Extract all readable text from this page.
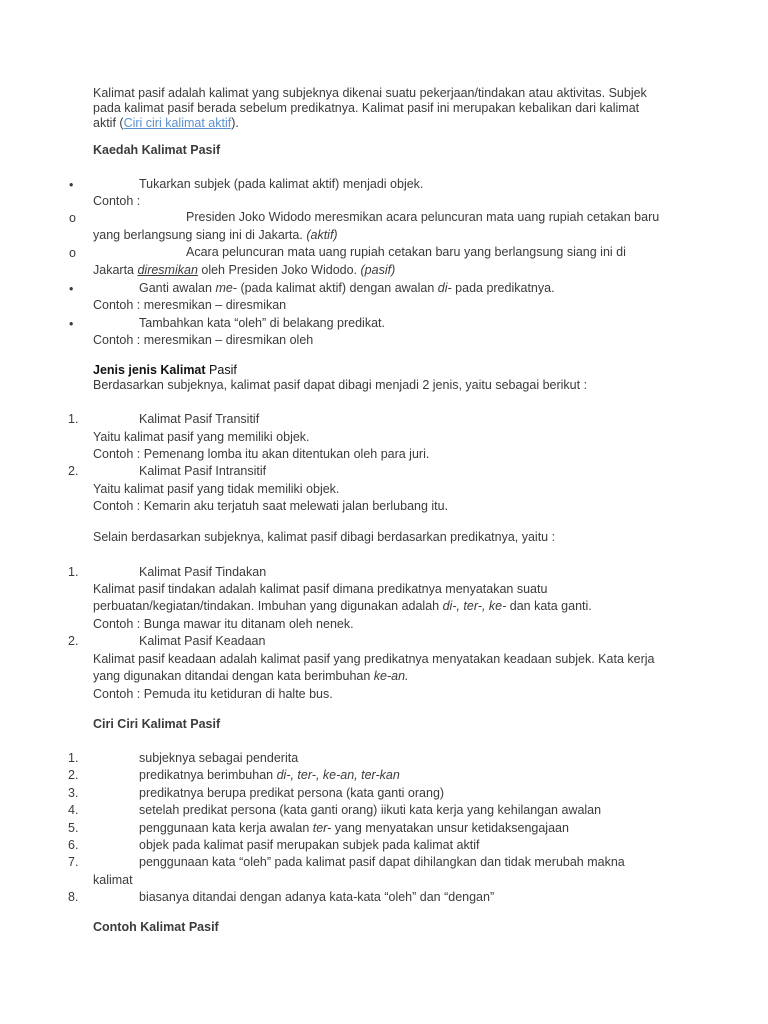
Kalimat pasif adalah kalimat yang subjeknya dikenai suatu pekerjaan/tindakan atau aktivitas. Subjek
pada kalimat pasif berada sebelum predikatnya. Kalimat pasif ini merupakan kebalikan dari kalimat
aktif (Ciri ciri kalimat aktif).
Kaedah Kalimat Pasif
•	Tukarkan subjek (pada kalimat aktif) menjadi objek.
Contoh :
o	Presiden Joko Widodo meresmikan acara peluncuran mata uang rupiah cetakan baru
yang berlangsung siang ini di Jakarta. (aktif)
o	Acara peluncuran mata uang rupiah cetakan baru yang berlangsung siang ini di
Jakarta diresmikan oleh Presiden Joko Widodo. (pasif)
•	Ganti awalan me- (pada kalimat aktif) dengan awalan di- pada predikatnya.
Contoh : meresmikan – diresmikan
•	Tambahkan kata “oleh” di belakang predikat.
Contoh : meresmikan – diresmikan oleh
Jenis jenis Kalimat Pasif
Berdasarkan subjeknya, kalimat pasif dapat dibagi menjadi 2 jenis, yaitu sebagai berikut :
1.	Kalimat Pasif Transitif
Yaitu kalimat pasif yang memiliki objek.
Contoh : Pemenang lomba itu akan ditentukan oleh para juri.
2.	Kalimat Pasif Intransitif
Yaitu kalimat pasif yang tidak memiliki objek.
Contoh : Kemarin aku terjatuh saat melewati jalan berlubang itu.
Selain berdasarkan subjeknya, kalimat pasif dibagi berdasarkan predikatnya, yaitu :
1.	Kalimat Pasif Tindakan
Kalimat pasif tindakan adalah kalimat pasif dimana predikatnya menyatakan suatu
perbuatan/kegiatan/tindakan. Imbuhan yang digunakan adalah di-, ter-, ke- dan kata ganti.
Contoh : Bunga mawar itu ditanam oleh nenek.
2.	Kalimat Pasif Keadaan
Kalimat pasif keadaan adalah kalimat pasif yang predikatnya menyatakan keadaan subjek. Kata kerja
yang digunakan ditandai dengan kata berimbuhan ke-an.
Contoh : Pemuda itu ketiduran di halte bus.
Ciri Ciri Kalimat Pasif
1.	subjeknya sebagai penderita
2.	predikatnya berimbuhan di-, ter-, ke-an, ter-kan
3.	predikatnya berupa predikat persona (kata ganti orang)
4.	setelah predikat persona (kata ganti orang) iikuti kata kerja yang kehilangan awalan
5.	penggunaan kata kerja awalan ter- yang menyatakan unsur ketidaksengajaan
6.	objek pada kalimat pasif merupakan subjek pada kalimat aktif
7.	penggunaan kata “oleh” pada kalimat pasif dapat dihilangkan dan tidak merubah makna
kalimat
8.	biasanya ditandai dengan adanya kata-kata “oleh” dan “dengan”
Contoh Kalimat Pasif
